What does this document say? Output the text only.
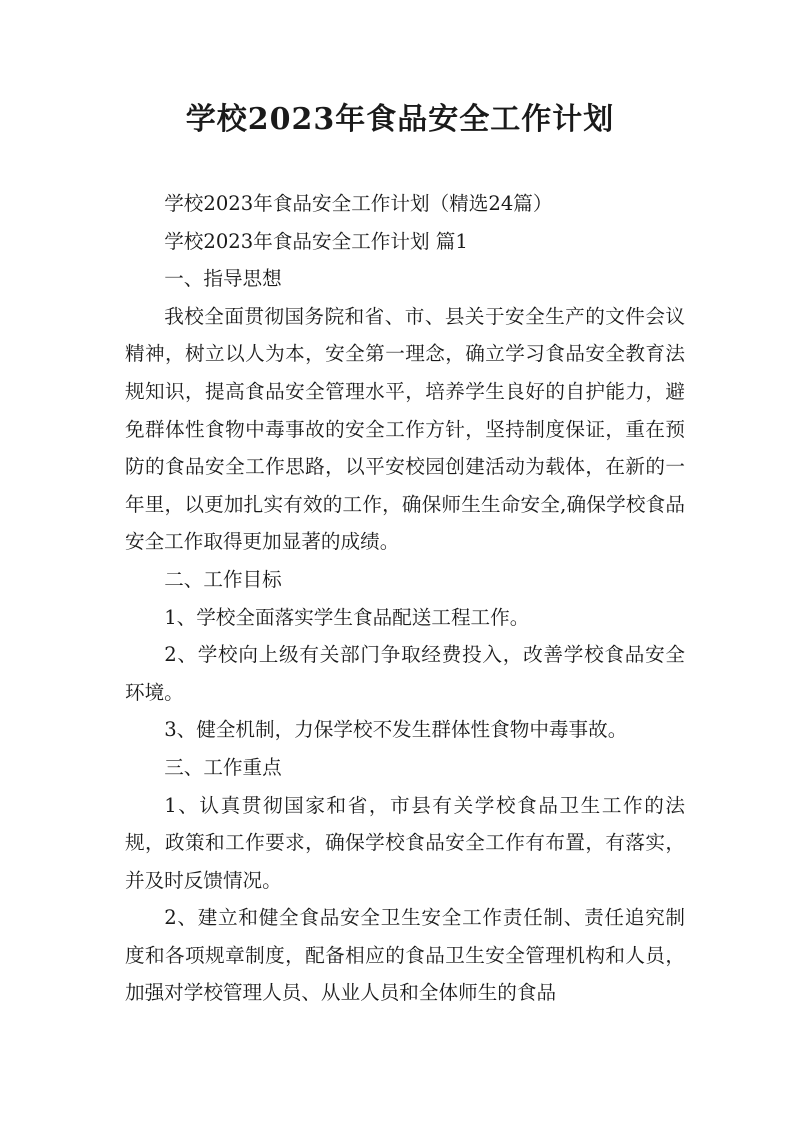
学校2023年食品安全工作计划

学校2023年食品安全工作计划（精选24篇）

学校2023年食品安全工作计划 篇1

一、指导思想

我校全面贯彻国务院和省、市、县关于安全生产的文件会议精神，树立以人为本，安全第一理念，确立学习食品安全教育法规知识，提高食品安全管理水平，培养学生良好的自护能力，避免群体性食物中毒事故的安全工作方针，坚持制度保证，重在预防的食品安全工作思路，以平安校园创建活动为载体，在新的一年里，以更加扎实有效的工作，确保师生生命安全,确保学校食品安全工作取得更加显著的成绩。

二、工作目标

1、学校全面落实学生食品配送工程工作。

2、学校向上级有关部门争取经费投入，改善学校食品安全环境。

3、健全机制，力保学校不发生群体性食物中毒事故。

三、工作重点

1、认真贯彻国家和省，市县有关学校食品卫生工作的法规，政策和工作要求，确保学校食品安全工作有布置，有落实，并及时反馈情况。

2、建立和健全食品安全卫生安全工作责任制、责任追究制度和各项规章制度，配备相应的食品卫生安全管理机构和人员，加强对学校管理人员、从业人员和全体师生的食品
